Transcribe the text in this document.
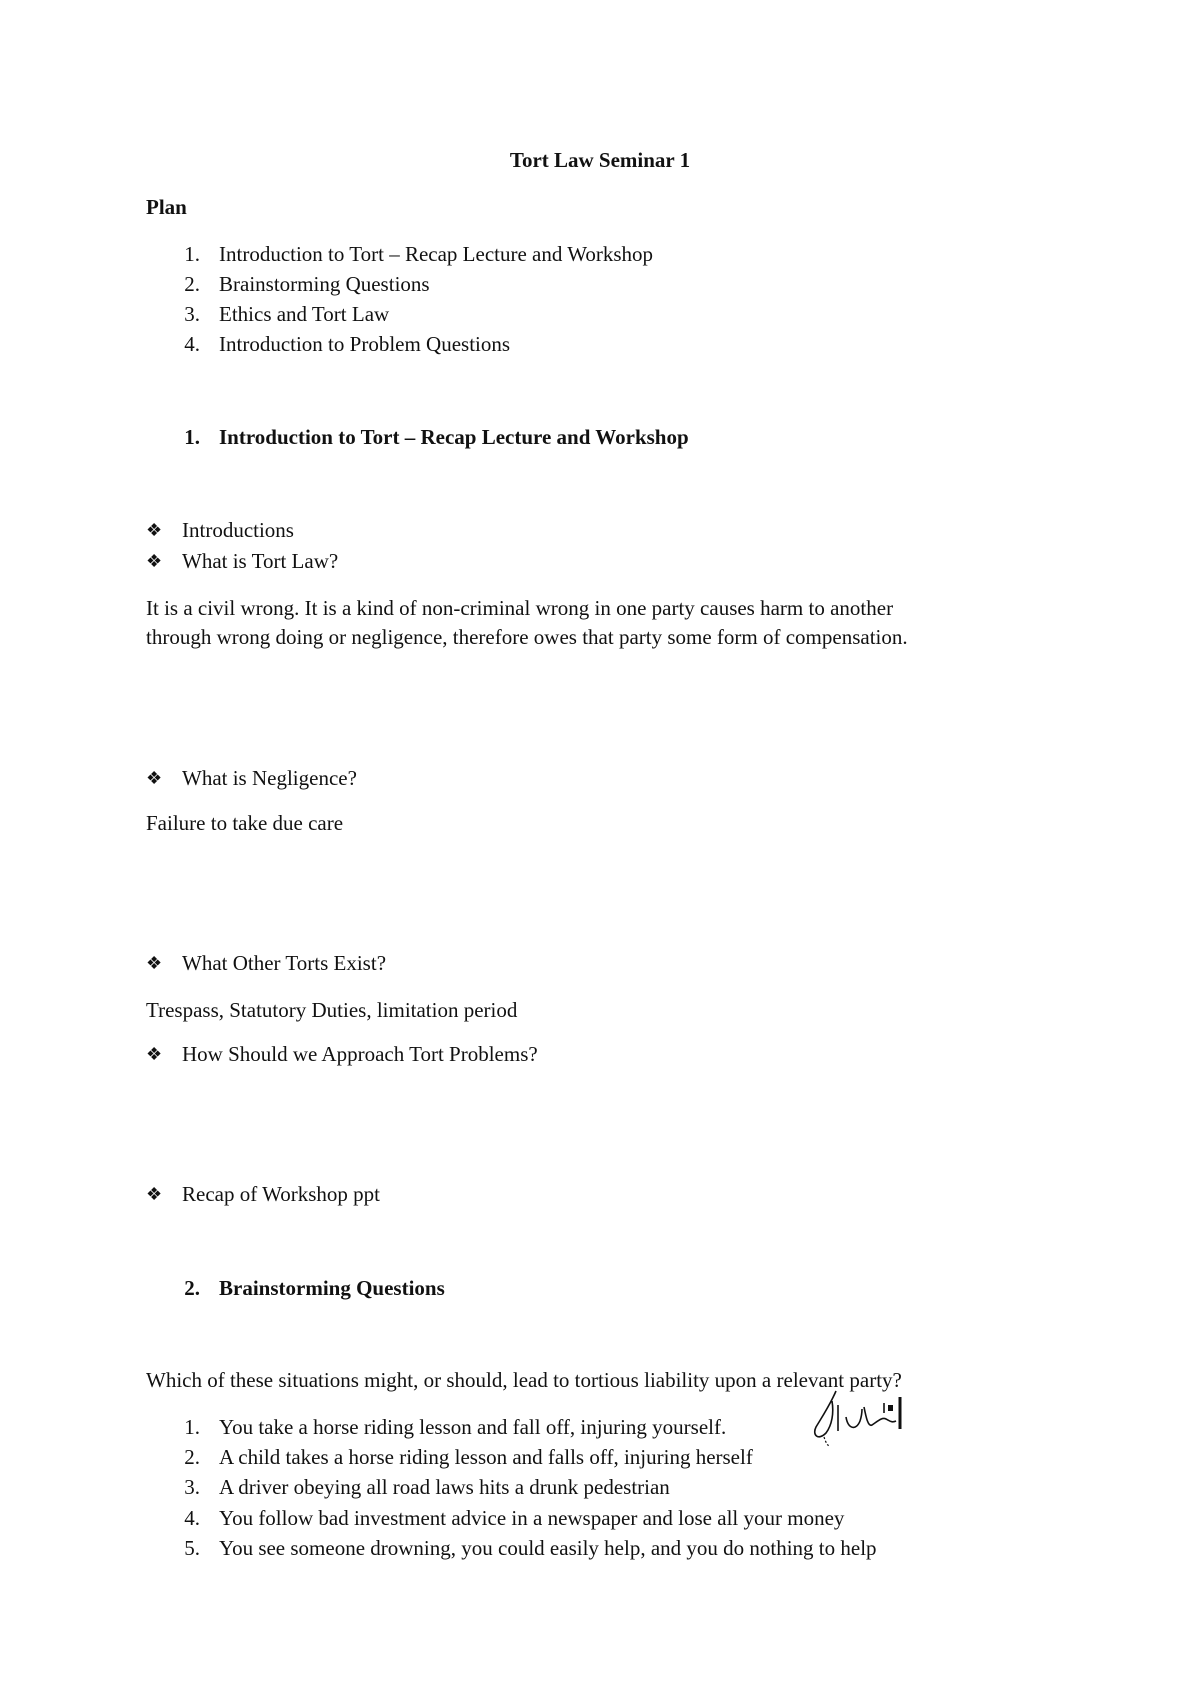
Tort Law Seminar 1
Plan
1. Introduction to Tort – Recap Lecture and Workshop
2. Brainstorming Questions
3. Ethics and Tort Law
4. Introduction to Problem Questions
1. Introduction to Tort – Recap Lecture and Workshop
❖ Introductions
❖ What is Tort Law?
It is a civil wrong. It is a kind of non-criminal wrong in one party causes harm to another
through wrong doing or negligence, therefore owes that party some form of compensation.
❖ What is Negligence?
Failure to take due care
❖ What Other Torts Exist?
Trespass, Statutory Duties, limitation period
❖ How Should we Approach Tort Problems?
❖ Recap of Workshop ppt
2. Brainstorming Questions
Which of these situations might, or should, lead to tortious liability upon a relevant party?
1. You take a horse riding lesson and fall off, injuring yourself.
2. A child takes a horse riding lesson and falls off, injuring herself
3. A driver obeying all road laws hits a drunk pedestrian
4. You follow bad investment advice in a newspaper and lose all your money
5. You see someone drowning, you could easily help, and you do nothing to help
